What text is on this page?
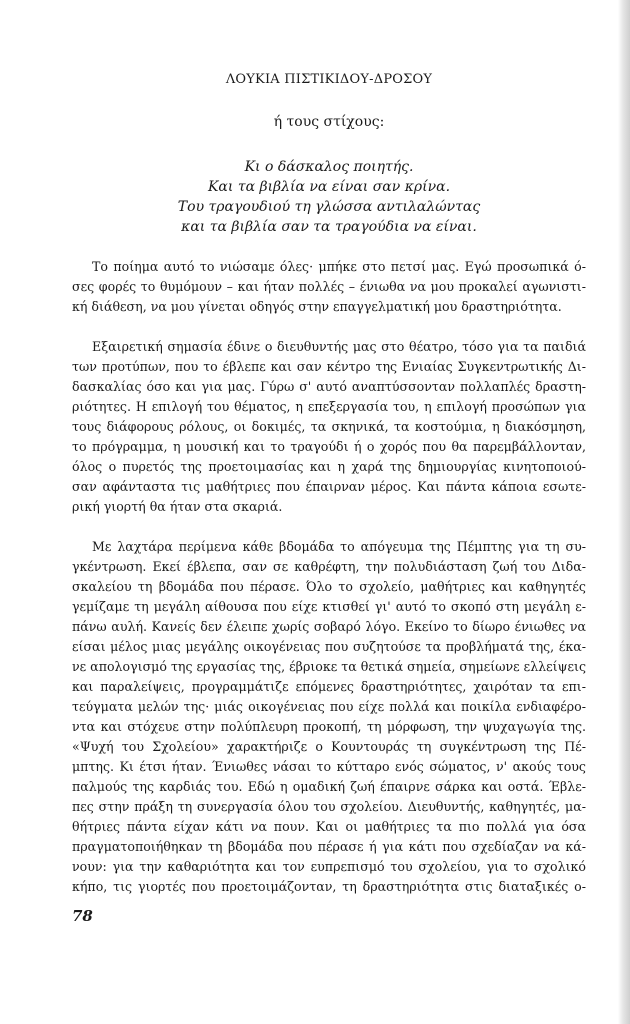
ΛΟΥΚΙΑ ΠΙΣΤΙΚΙΔΟΥ-ΔΡΟΣΟΥ
ή τους στίχους:
Κι ο δάσκαλος ποιητής.
Και τα βιβλία να είναι σαν κρίνα.
Του τραγουδιού τη γλώσσα αντιλαλώντας
και τα βιβλία σαν τα τραγούδια να είναι.
Το ποίημα αυτό το νιώσαμε όλες· μπήκε στο πετσί μας. Εγώ προσωπικά ό-
σες φορές το θυμόμουν – και ήταν πολλές – ένιωθα να μου προκαλεί αγωνιστι-
κή διάθεση, να μου γίνεται οδηγός στην επαγγελματική μου δραστηριότητα.
Εξαιρετική σημασία έδινε ο διευθυντής μας στο θέατρο, τόσο για τα παιδιά
των προτύπων, που το έβλεπε και σαν κέντρο της Ενιαίας Συγκεντρωτικής Δι-
δασκαλίας όσο και για μας. Γύρω σ' αυτό αναπτύσσονταν πολλαπλές δραστη-
ριότητες. Η επιλογή του θέματος, η επεξεργασία του, η επιλογή προσώπων για
τους διάφορους ρόλους, οι δοκιμές, τα σκηνικά, τα κοστούμια, η διακόσμηση,
το πρόγραμμα, η μουσική και το τραγούδι ή ο χορός που θα παρεμβάλλονταν,
όλος ο πυρετός της προετοιμασίας και η χαρά της δημιουργίας κινητοποιού-
σαν αφάνταστα τις μαθήτριες που έπαιρναν μέρος. Και πάντα κάποια εσωτε-
ρική γιορτή θα ήταν στα σκαριά.
Με λαχτάρα περίμενα κάθε βδομάδα το απόγευμα της Πέμπτης για τη συ-
γκέντρωση. Εκεί έβλεπα, σαν σε καθρέφτη, την πολυδιάσταση ζωή του Διδα-
σκαλείου τη βδομάδα που πέρασε. Όλο το σχολείο, μαθήτριες και καθηγητές
γεμίζαμε τη μεγάλη αίθουσα που είχε κτισθεί γι' αυτό το σκοπό στη μεγάλη ε-
πάνω αυλή. Κανείς δεν έλειπε χωρίς σοβαρό λόγο. Εκείνο το δίωρο ένιωθες να
είσαι μέλος μιας μεγάλης οικογένειας που συζητούσε τα προβλήματά της, έκα-
νε απολογισμό της εργασίας της, έβριοκε τα θετικά σημεία, σημείωνε ελλείψεις
και παραλείψεις, προγραμμάτιζε επόμενες δραστηριότητες, χαιρόταν τα επι-
τεύγματα μελών της· μιάς οικογένειας που είχε πολλά και ποικίλα ενδιαφέρο-
ντα και στόχευε στην πολύπλευρη προκοπή, τη μόρφωση, την ψυχαγωγία της.
«Ψυχή του Σχολείου» χαρακτήριζε ο Κουντουράς τη συγκέντρωση της Πέ-
μπτης. Κι έτσι ήταν. Ένιωθες νάσαι το κύτταρο ενός σώματος, ν' ακούς τους
παλμούς της καρδιάς του. Εδώ η ομαδική ζωή έπαιρνε σάρκα και οστά. Έβλε-
πες στην πράξη τη συνεργασία όλου του σχολείου. Διευθυντής, καθηγητές, μα-
θήτριες πάντα είχαν κάτι να πουν. Και οι μαθήτριες τα πιο πολλά για όσα
πραγματοποιήθηκαν τη βδομάδα που πέρασε ή για κάτι που σχεδίαζαν να κά-
νουν: για την καθαριότητα και τον ευπρεπισμό του σχολείου, για το σχολικό
κήπο, τις γιορτές που προετοιμάζονταν, τη δραστηριότητα στις διαταξικές ο-
78
